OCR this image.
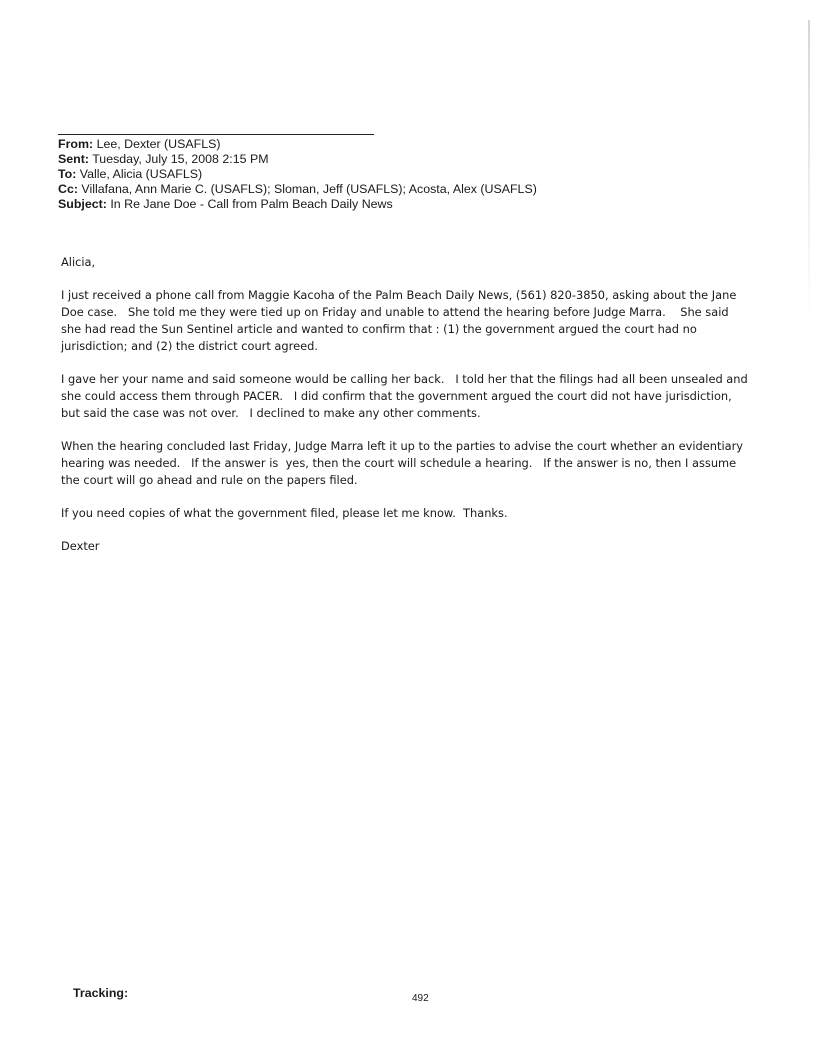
From: Lee, Dexter (USAFLS)
Sent: Tuesday, July 15, 2008 2:15 PM
To: Valle, Alicia (USAFLS)
Cc: Villafana, Ann Marie C. (USAFLS); Sloman, Jeff (USAFLS); Acosta, Alex (USAFLS)
Subject: In Re Jane Doe - Call from Palm Beach Daily News

Alicia,

I just received a phone call from Maggie Kacoha of the Palm Beach Daily News, (561) 820-3850, asking about the Jane Doe case.   She told me they were tied up on Friday and unable to attend the hearing before Judge Marra.    She said she had read the Sun Sentinel article and wanted to confirm that : (1) the government argued the court had no jurisdiction; and (2) the district court agreed.

I gave her your name and said someone would be calling her back.   I told her that the filings had all been unsealed and she could access them through PACER.   I did confirm that the government argued the court did not have jurisdiction, but said the case was not over.   I declined to make any other comments.

When the hearing concluded last Friday, Judge Marra left it up to the parties to advise the court whether an evidentiary hearing was needed.   If the answer is  yes, then the court will schedule a hearing.   If the answer is no, then I assume the court will go ahead and rule on the papers filed.

If you need copies of what the government filed, please let me know.  Thanks.

Dexter

Tracking:	492
